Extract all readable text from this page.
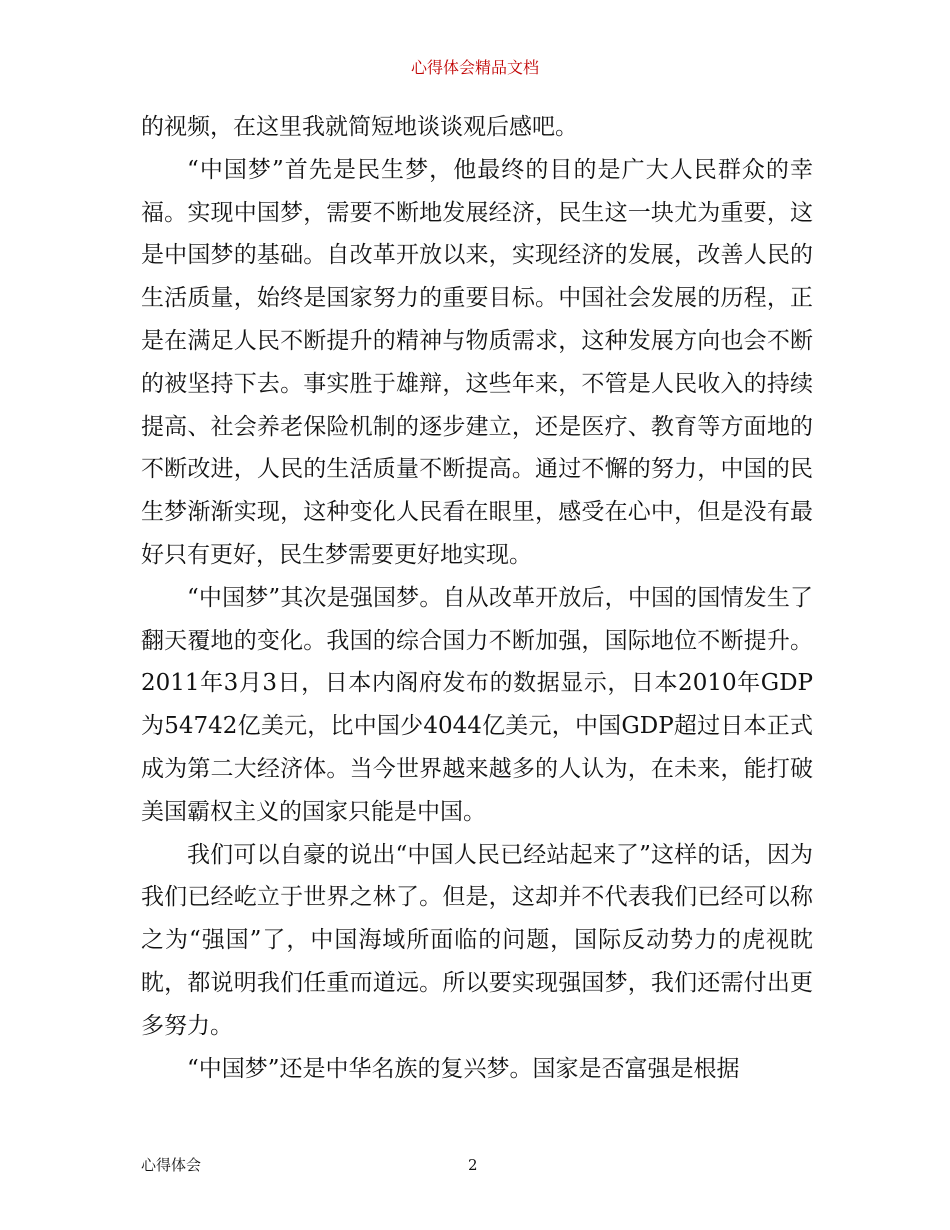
心得体会精品文档

的视频，在这里我就简短地谈谈观后感吧。

“中国梦”首先是民生梦，他最终的目的是广大人民群众的幸福。实现中国梦，需要不断地发展经济，民生这一块尤为重要，这是中国梦的基础。自改革开放以来，实现经济的发展，改善人民的生活质量，始终是国家努力的重要目标。中国社会发展的历程，正是在满足人民不断提升的精神与物质需求，这种发展方向也会不断的被坚持下去。事实胜于雄辩，这些年来，不管是人民收入的持续提高、社会养老保险机制的逐步建立，还是医疗、教育等方面地的不断改进，人民的生活质量不断提高。通过不懈的努力，中国的民生梦渐渐实现，这种变化人民看在眼里，感受在心中，但是没有最好只有更好，民生梦需要更好地实现。

“中国梦”其次是强国梦。自从改革开放后，中国的国情发生了翻天覆地的变化。我国的综合国力不断加强，国际地位不断提升。2011年3月3日，日本内阁府发布的数据显示，日本2010年GDP为54742亿美元，比中国少4044亿美元，中国GDP超过日本正式成为第二大经济体。当今世界越来越多的人认为，在未来，能打破美国霸权主义的国家只能是中国。

我们可以自豪的说出“中国人民已经站起来了”这样的话，因为我们已经屹立于世界之林了。但是，这却并不代表我们已经可以称之为“强国”了，中国海域所面临的问题，国际反动势力的虎视眈眈，都说明我们任重而道远。所以要实现强国梦，我们还需付出更多努力。

“中国梦”还是中华名族的复兴梦。国家是否富强是根据

心得体会	2
